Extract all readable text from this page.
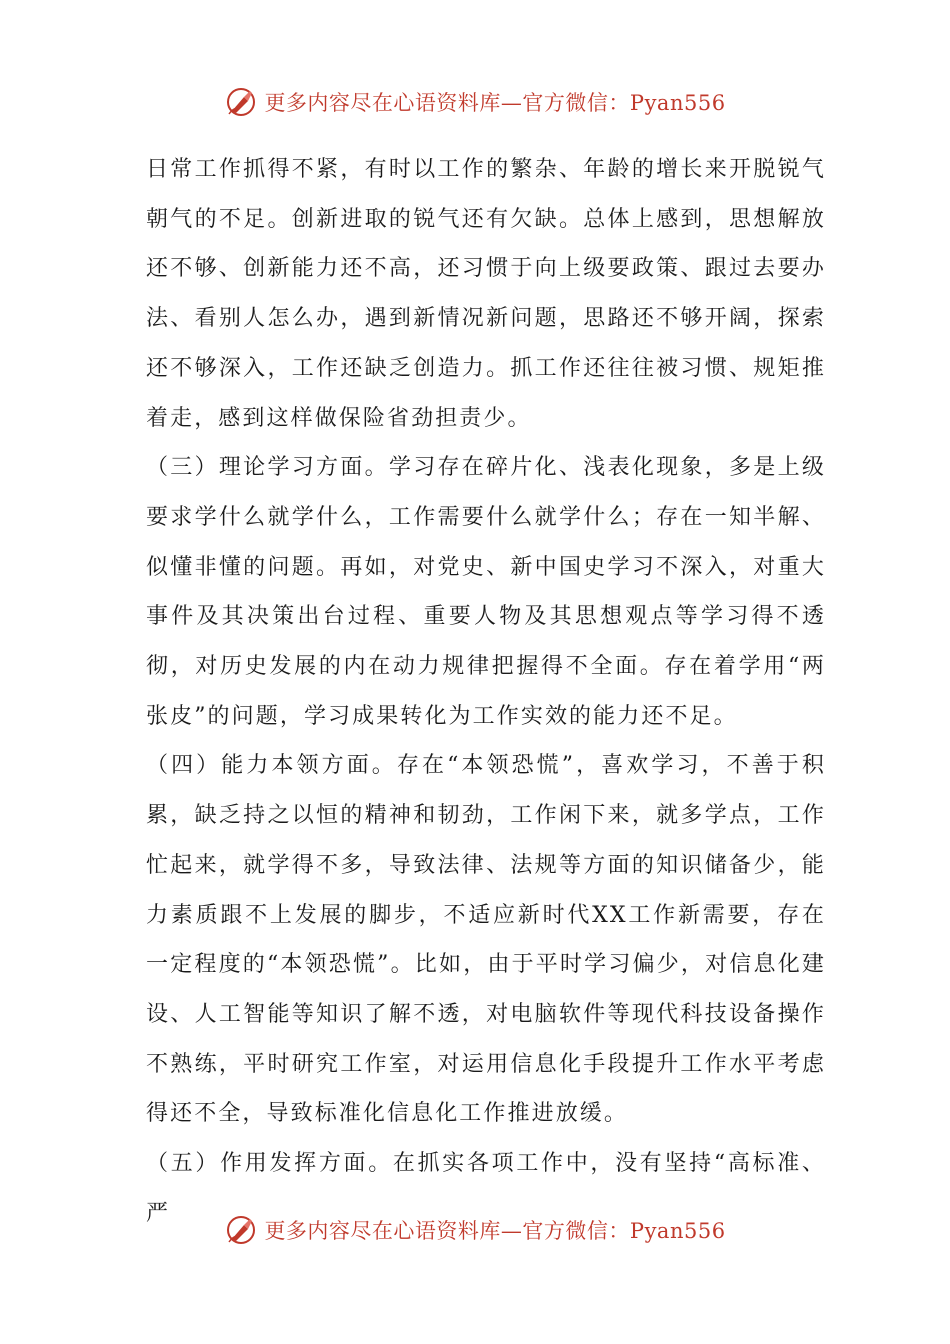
更多内容尽在心语资料库—官方微信：Pyan556

日常工作抓得不紧，有时以工作的繁杂、年龄的增长来开脱锐气朝气的不足。创新进取的锐气还有欠缺。总体上感到，思想解放还不够、创新能力还不高，还习惯于向上级要政策、跟过去要办法、看别人怎么办，遇到新情况新问题，思路还不够开阔，探索还不够深入，工作还缺乏创造力。抓工作还往往被习惯、规矩推着走，感到这样做保险省劲担责少。

（三）理论学习方面。学习存在碎片化、浅表化现象，多是上级要求学什么就学什么，工作需要什么就学什么；存在一知半解、似懂非懂的问题。再如，对党史、新中国史学习不深入，对重大事件及其决策出台过程、重要人物及其思想观点等学习得不透彻，对历史发展的内在动力规律把握得不全面。存在着学用“两张皮”的问题，学习成果转化为工作实效的能力还不足。

（四）能力本领方面。存在“本领恐慌”，喜欢学习，不善于积累，缺乏持之以恒的精神和韧劲，工作闲下来，就多学点，工作忙起来，就学得不多，导致法律、法规等方面的知识储备少，能力素质跟不上发展的脚步，不适应新时代XX工作新需要，存在一定程度的“本领恐慌”。比如，由于平时学习偏少，对信息化建设、人工智能等知识了解不透，对电脑软件等现代科技设备操作不熟练，平时研究工作室，对运用信息化手段提升工作水平考虑得还不全，导致标准化信息化工作推进放缓。

（五）作用发挥方面。在抓实各项工作中，没有坚持“高标准、严

更多内容尽在心语资料库—官方微信：Pyan556
